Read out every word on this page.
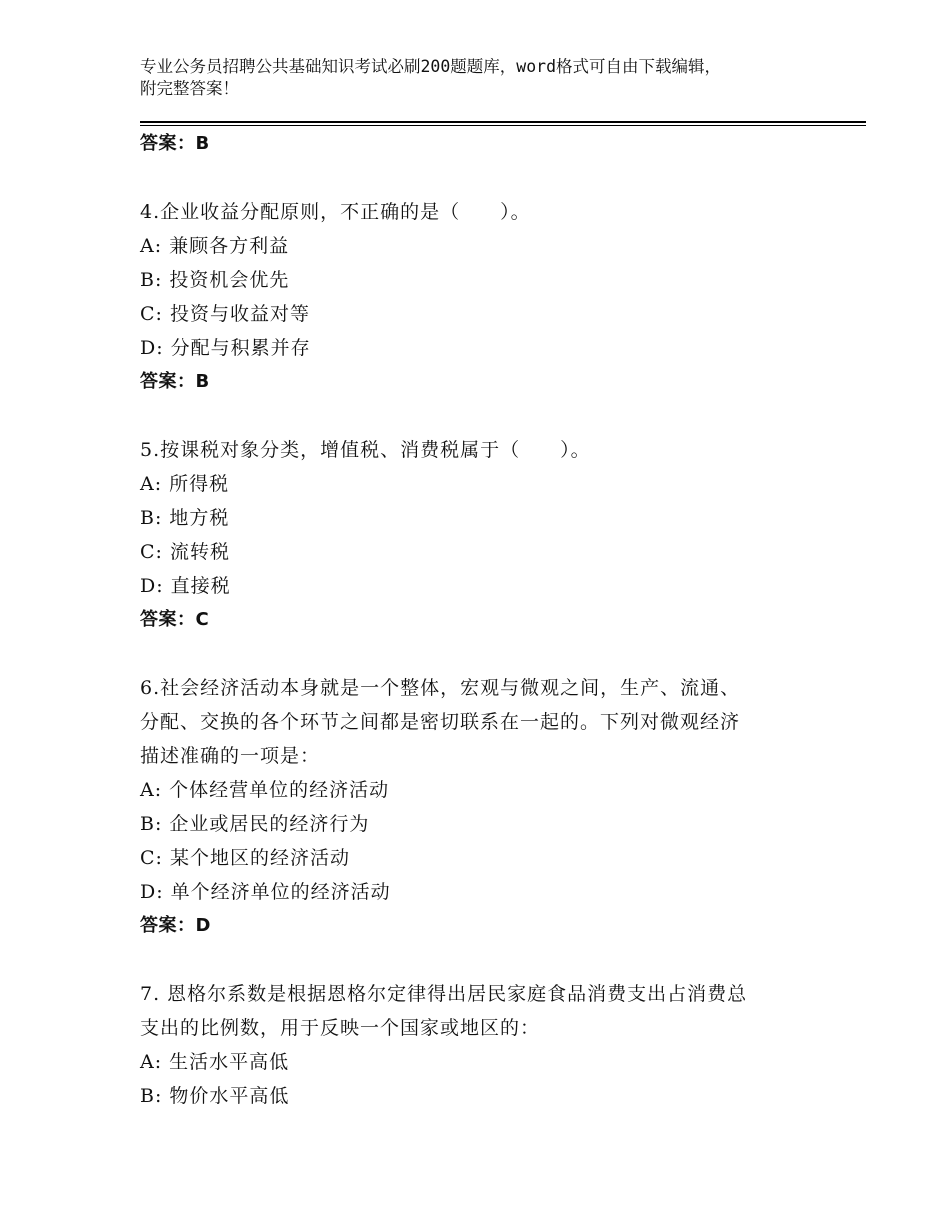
专业公务员招聘公共基础知识考试必刷200题题库，word格式可自由下载编辑，
附完整答案！
答案：B
4.企业收益分配原则，不正确的是（　　）。
A: 兼顾各方利益
B: 投资机会优先
C: 投资与收益对等
D: 分配与积累并存
答案：B
5.按课税对象分类，增值税、消费税属于（　　）。
A: 所得税
B: 地方税
C: 流转税
D: 直接税
答案：C
6.社会经济活动本身就是一个整体，宏观与微观之间，生产、流通、
分配、交换的各个环节之间都是密切联系在一起的。下列对微观经济
描述准确的一项是：
A: 个体经营单位的经济活动
B: 企业或居民的经济行为
C: 某个地区的经济活动
D: 单个经济单位的经济活动
答案：D
7. 恩格尔系数是根据恩格尔定律得出居民家庭食品消费支出占消费总
支出的比例数，用于反映一个国家或地区的：
A: 生活水平高低
B: 物价水平高低
